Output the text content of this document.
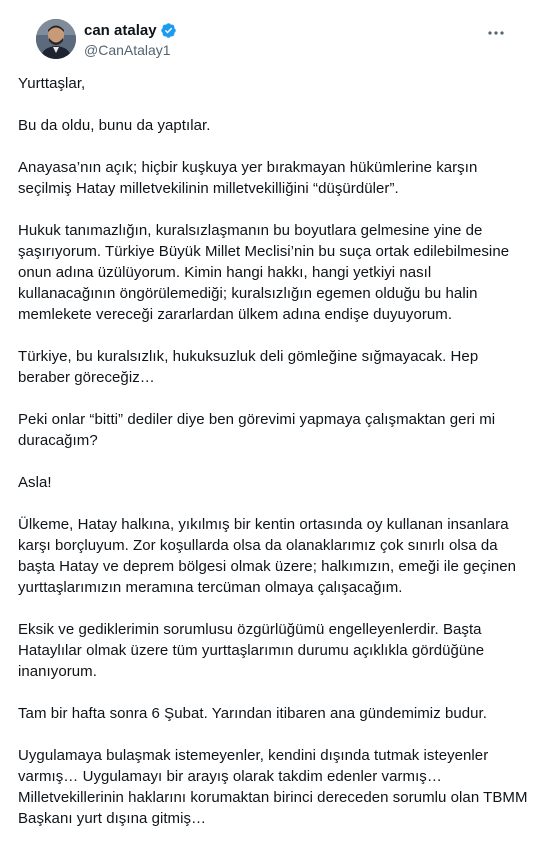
can atalay
@CanAtalay1

Yurttaşlar,

Bu da oldu, bunu da yaptılar.

Anayasa’nın açık; hiçbir kuşkuya yer bırakmayan hükümlerine karşın seçilmiş Hatay milletvekilinin milletvekilliğini “düşürdüler”.

Hukuk tanımazlığın, kuralsızlaşmanın bu boyutlara gelmesine yine de şaşırıyorum. Türkiye Büyük Millet Meclisi’nin bu suça ortak edilebilmesine onun adına üzülüyorum. Kimin hangi hakkı, hangi yetkiyi nasıl kullanacağının öngörülemediği; kuralsızlığın egemen olduğu bu halin memlekete vereceği zararlardan ülkem adına endişe duyuyorum.

Türkiye, bu kuralsızlık, hukuksuzluk deli gömleğine sığmayacak. Hep beraber göreceğiz…

Peki onlar “bitti” dediler diye ben görevimi yapmaya çalışmaktan geri mi duracağım?

Asla!

Ülkeme, Hatay halkına, yıkılmış bir kentin ortasında oy kullanan insanlara karşı borçluyum. Zor koşullarda olsa da olanaklarımız çok sınırlı olsa da başta Hatay ve deprem bölgesi olmak üzere; halkımızın, emeği ile geçinen yurttaşlarımızın meramına tercüman olmaya çalışacağım.

Eksik ve gediklerimin sorumlusu özgürlüğümü engelleyenlerdir. Başta Hataylılar olmak üzere tüm yurttaşlarımın durumu açıklıkla gördüğüne inanıyorum.

Tam bir hafta sonra 6 Şubat. Yarından itibaren ana gündemimiz budur.

Uygulamaya bulaşmak istemeyenler, kendini dışında tutmak isteyenler varmış… Uygulamayı bir arayış olarak takdim edenler varmış… Milletvekillerinin haklarını korumaktan birinci dereceden sorumlu olan TBMM Başkanı yurt dışına gitmiş…
